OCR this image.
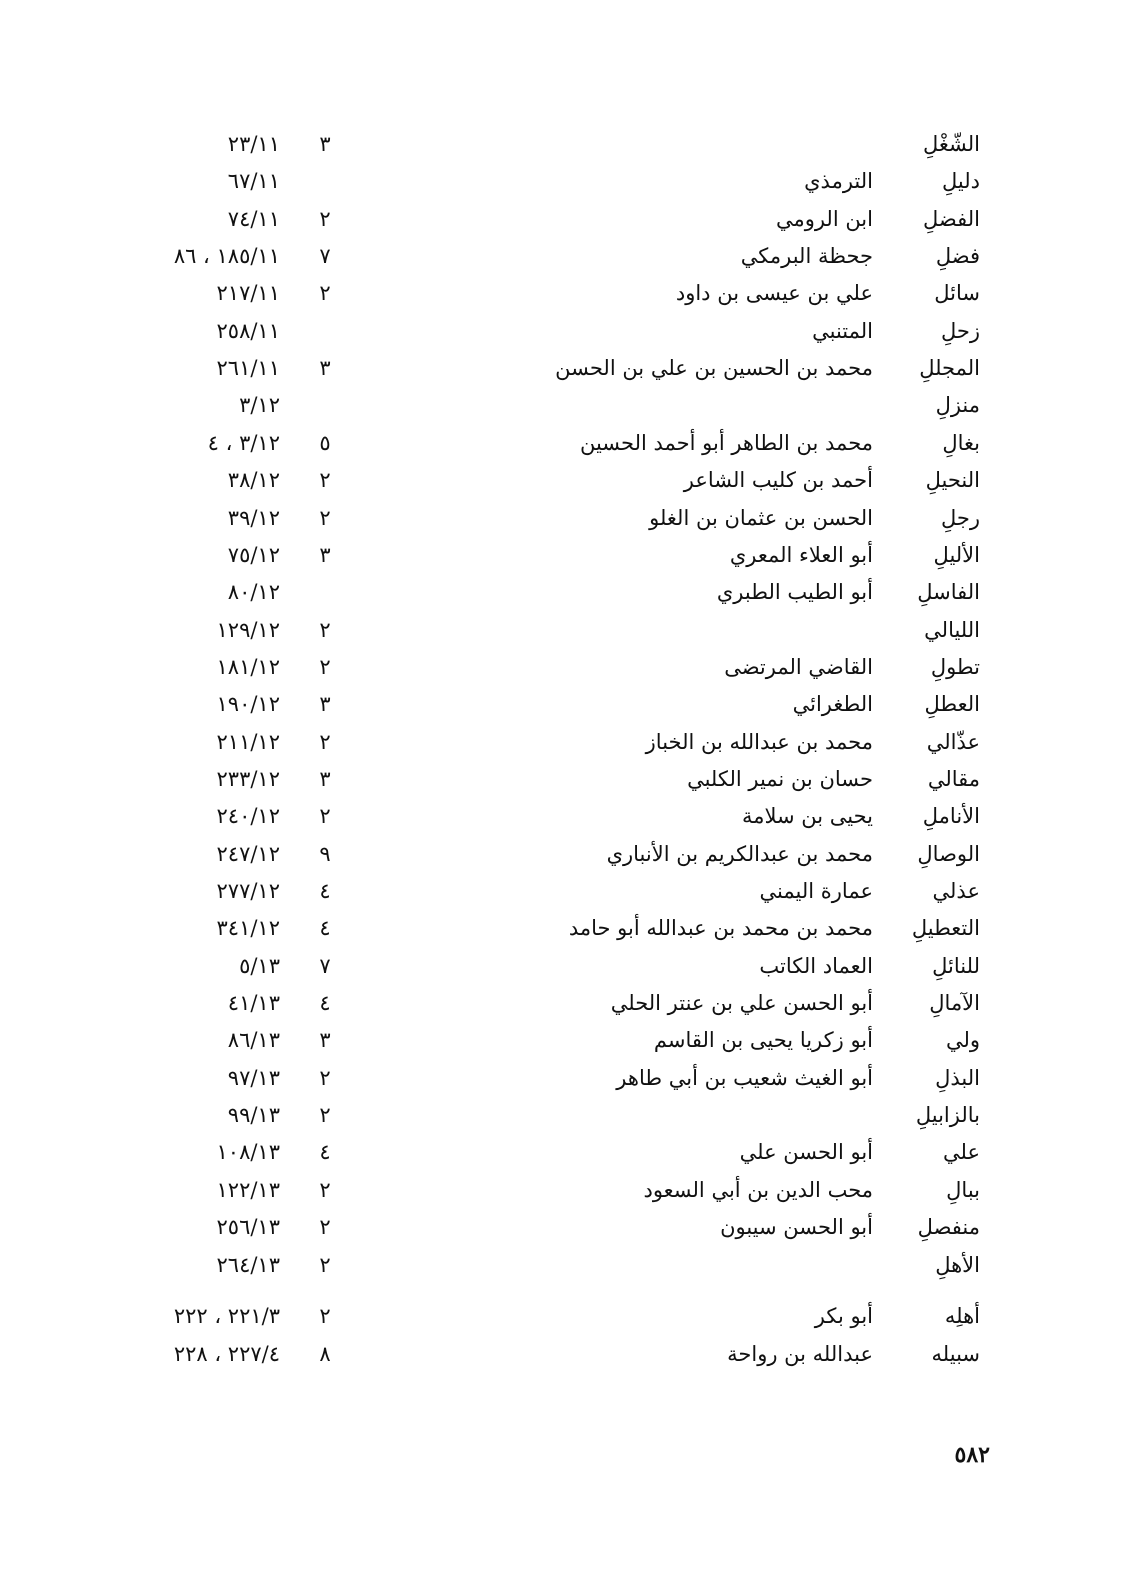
الشّغْلِ
٣
٢٣/١١
دليلِ
الترمذي
٦٧/١١
الفضلِ
ابن الرومي
٢
٧٤/١١
فضلِ
جحظة البرمكي
٧
١٨٥/١١ ، ٨٦
سائل
علي بن عيسى بن داود
٢
٢١٧/١١
زحلِ
المتنبي
٢٥٨/١١
المجللِ
محمد بن الحسين بن علي بن الحسن
٣
٢٦١/١١
منزلِ
٣/١٢
بغالِ
محمد بن الطاهر أبو أحمد الحسين
٥
٣/١٢ ، ٤
النحيلِ
أحمد بن كليب الشاعر
٢
٣٨/١٢
رجلِ
الحسن بن عثمان بن الغلو
٢
٣٩/١٢
الأليلِ
أبو العلاء المعري
٣
٧٥/١٢
الفاسلِ
أبو الطيب الطبري
٨٠/١٢
الليالي
٢
١٢٩/١٢
تطولِ
القاضي المرتضى
٢
١٨١/١٢
العطلِ
الطغرائي
٣
١٩٠/١٢
عذّالي
محمد بن عبدالله بن الخباز
٢
٢١١/١٢
مقالي
حسان بن نمير الكلبي
٣
٢٣٣/١٢
الأناملِ
يحيى بن سلامة
٢
٢٤٠/١٢
الوصالِ
محمد بن عبدالكريم بن الأنباري
٩
٢٤٧/١٢
عذلي
عمارة اليمني
٤
٢٧٧/١٢
التعطيلِ
محمد بن محمد بن عبدالله أبو حامد
٤
٣٤١/١٢
للنائلِ
العماد الكاتب
٧
٥/١٣
الآمالِ
أبو الحسن علي بن عنتر الحلي
٤
٤١/١٣
ولي
أبو زكريا يحيى بن القاسم
٣
٨٦/١٣
البذلِ
أبو الغيث شعيب بن أبي طاهر
٢
٩٧/١٣
بالزابيلِ
٢
٩٩/١٣
علي
أبو الحسن علي
٤
١٠٨/١٣
ببالِ
محب الدين بن أبي السعود
٢
١٢٢/١٣
منفصلِ
أبو الحسن سيبون
٢
٢٥٦/١٣
الأهلِ
٢
٢٦٤/١٣
أهلِه
أبو بكر
٢
٢٢١/٣ ، ٢٢٢
سبيله
عبدالله بن رواحة
٨
٢٢٧/٤ ، ٢٢٨
٥٨٢
